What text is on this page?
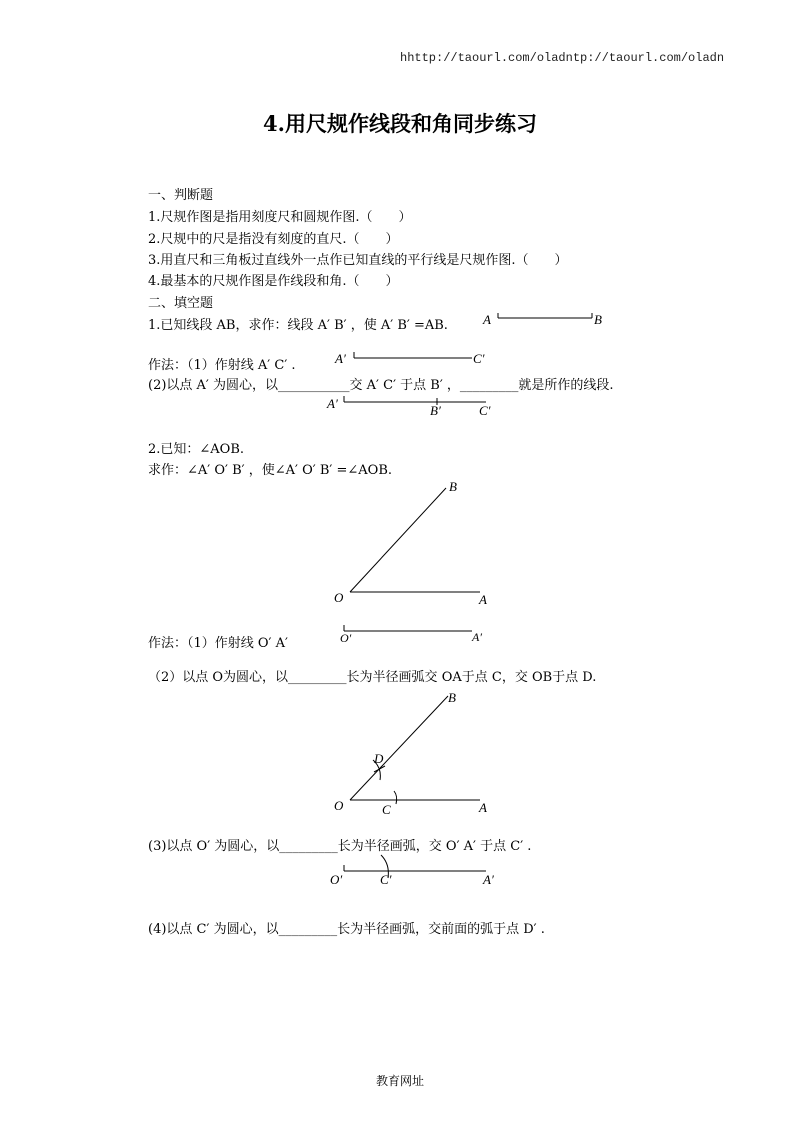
hhttp://taourl.com/oladntp://taourl.com/oladn
4.用尺规作线段和角同步练习
一、判断题
1.尺规作图是指用刻度尺和圆规作图.（　　）
2.尺规中的尺是指没有刻度的直尺.（　　）
3.用直尺和三角板过直线外一点作已知直线的平行线是尺规作图.（　　）
4.最基本的尺规作图是作线段和角.（　　）
二、填空题
1.已知线段 AB，求作：线段 A′ B′ ，使 A′ B′ =AB.	A	B
作法：（1）作射线 A′ C′ .	A′	C′
(2)以点 A′ 为圆心，以___________交 A′ C′ 于点 B′ ，_________就是所作的线段.
A′	B′	C′
2.已知：∠AOB.
求作：∠A′ O′ B′ ，使∠A′ O′ B′ =∠AOB.
O	A
B
作法：（1）作射线 O′ A′	O′	A′
（2）以点 O为圆心，以_________长为半径画弧交 OA于点 C，交 OB于点 D.
O	A
B
D
C
(3)以点 O′ 为圆心，以_________长为半径画弧，交 O′ A′ 于点 C′ .
O′	C′	A′
(4)以点 C′ 为圆心，以_________长为半径画弧，交前面的弧于点 D′ .
教育网址
